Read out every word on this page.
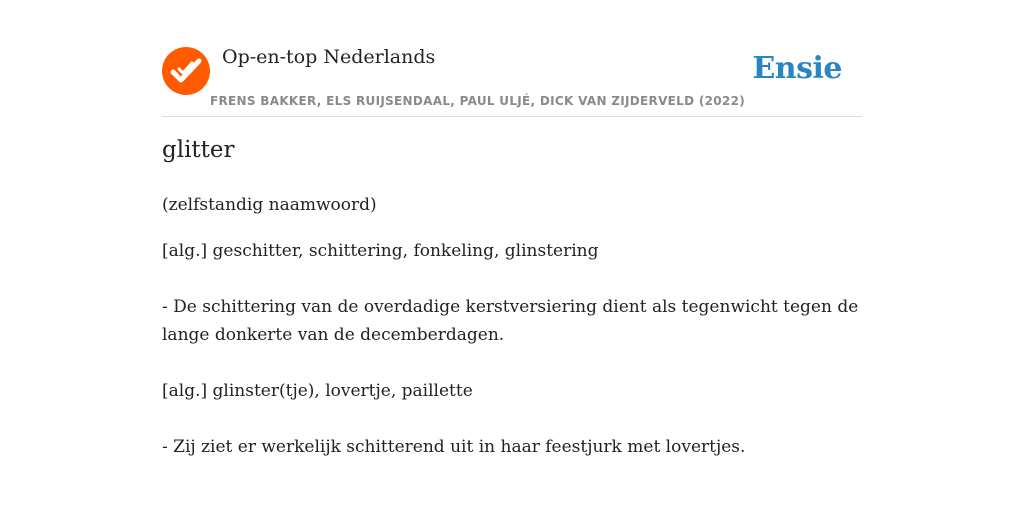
Op-en-top Nederlands
FRENS BAKKER, ELS RUIJSENDAAL, PAUL ULJÉ, DICK VAN ZIJDERVELD (2022)
Ensie
glitter
(zelfstandig naamwoord)
[alg.] geschitter, schittering, fonkeling, glinstering
- De schittering van de overdadige kerstversiering dient als tegenwicht tegen de lange donkerte van de decemberdagen.
[alg.] glinster(tje), lovertje, paillette
- Zij ziet er werkelijk schitterend uit in haar feestjurk met lovertjes.
